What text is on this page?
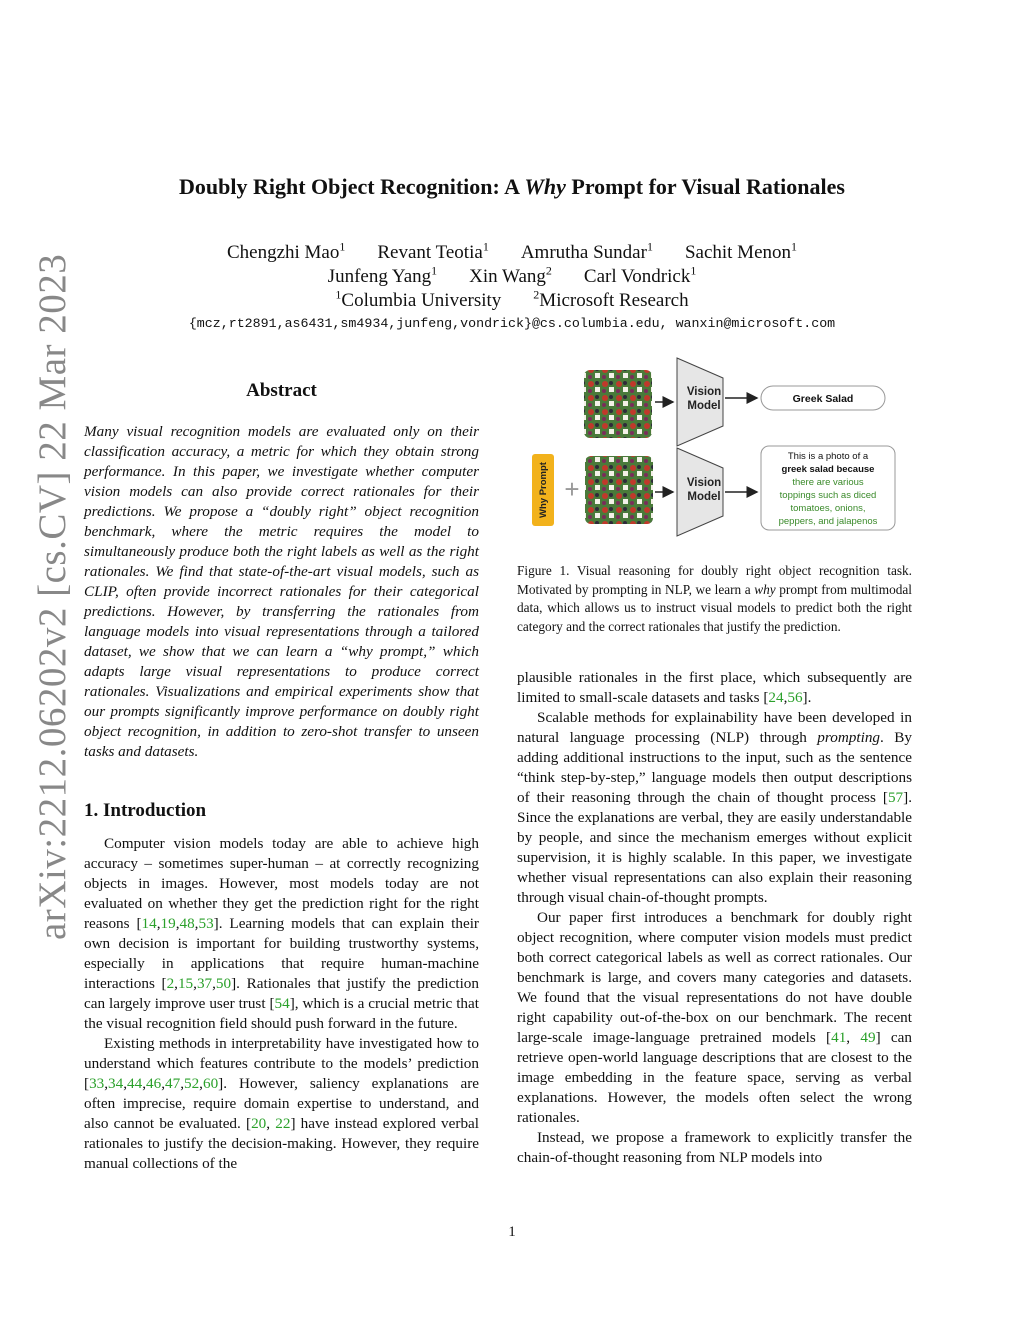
arXiv:2212.06202v2 [cs.CV] 22 Mar 2023
Doubly Right Object Recognition: A Why Prompt for Visual Rationales
Chengzhi Mao$^1$ Revant Teotia$^1$ Amrutha Sundar$^1$ Sachit Menon$^1$
Junfeng Yang$^1$ Xin Wang$^2$ Carl Vondrick$^1$
$^1$Columbia University	$^2$Microsoft Research
{mcz,rt2891,as6431,sm4934,junfeng,vondrick}@cs.columbia.edu, wanxin@microsoft.com
Abstract
Many visual recognition models are evaluated only on their classification accuracy, a metric for which they obtain strong performance. In this paper, we investigate whether computer vision models can also provide correct rationales for their predictions. We propose a “doubly right” object recognition benchmark, where the metric requires the model to simultaneously produce both the right labels as well as the right rationales. We find that state-of-the-art visual models, such as CLIP, often provide incorrect rationales for their categorical predictions. However, by transferring the rationales from language models into visual representations through a tailored dataset, we show that we can learn a “why prompt,” which adapts large visual representations to produce correct rationales. Visualizations and empirical experiments show that our prompts significantly improve performance on doubly right object recognition, in addition to zero-shot transfer to unseen tasks and datasets.
1. Introduction

Computer vision models today are able to achieve high accuracy – sometimes super-human – at correctly recognizing objects in images. However, most models today are not evaluated on whether they get the prediction right for the right reasons [14,19,48,53]. Learning models that can explain their own decision is important for building trustworthy systems, especially in applications that require human-machine interactions [2,15,37,50]. Rationales that justify the prediction can largely improve user trust [54], which is a crucial metric that the visual recognition field should push forward in the future.

Existing methods in interpretability have investigated how to understand which features contribute to the models’ prediction [33,34,44,46,47,52,60]. However, saliency explanations are often imprecise, require domain expertise to understand, and also cannot be evaluated. [20, 22] have instead explored verbal rationales to justify the decision-making. However, they require manual collections of the

Vision
Model
Greek Salad
Why Prompt +	Vision
Model
This is a photo of a
greek salad because
there are various
toppings such as diced
tomatoes, onions,
peppers, and jalapenos
Figure 1. Visual reasoning for doubly right object recognition task. Motivated by prompting in NLP, we learn a why prompt from multimodal data, which allows us to instruct visual models to predict both the right category and the correct rationales that justify the prediction.

plausible rationales in the first place, which subsequently are limited to small-scale datasets and tasks [24,56].

Scalable methods for explainability have been developed in natural language processing (NLP) through prompting. By adding additional instructions to the input, such as the sentence “think step-by-step,” language models then output descriptions of their reasoning through the chain of thought process [57]. Since the explanations are verbal, they are easily understandable by people, and since the mechanism emerges without explicit supervision, it is highly scalable. In this paper, we investigate whether visual representations can also explain their reasoning through visual chain-of-thought prompts.

Our paper first introduces a benchmark for doubly right object recognition, where computer vision models must predict both correct categorical labels as well as correct rationales. Our benchmark is large, and covers many categories and datasets. We found that the visual representations do not have double right capability out-of-the-box on our benchmark. The recent large-scale image-language pretrained models [41, 49] can retrieve open-world language descriptions that are closest to the image embedding in the feature space, serving as verbal explanations. However, the models often select the wrong rationales.

Instead, we propose a framework to explicitly transfer the chain-of-thought reasoning from NLP models into

1
